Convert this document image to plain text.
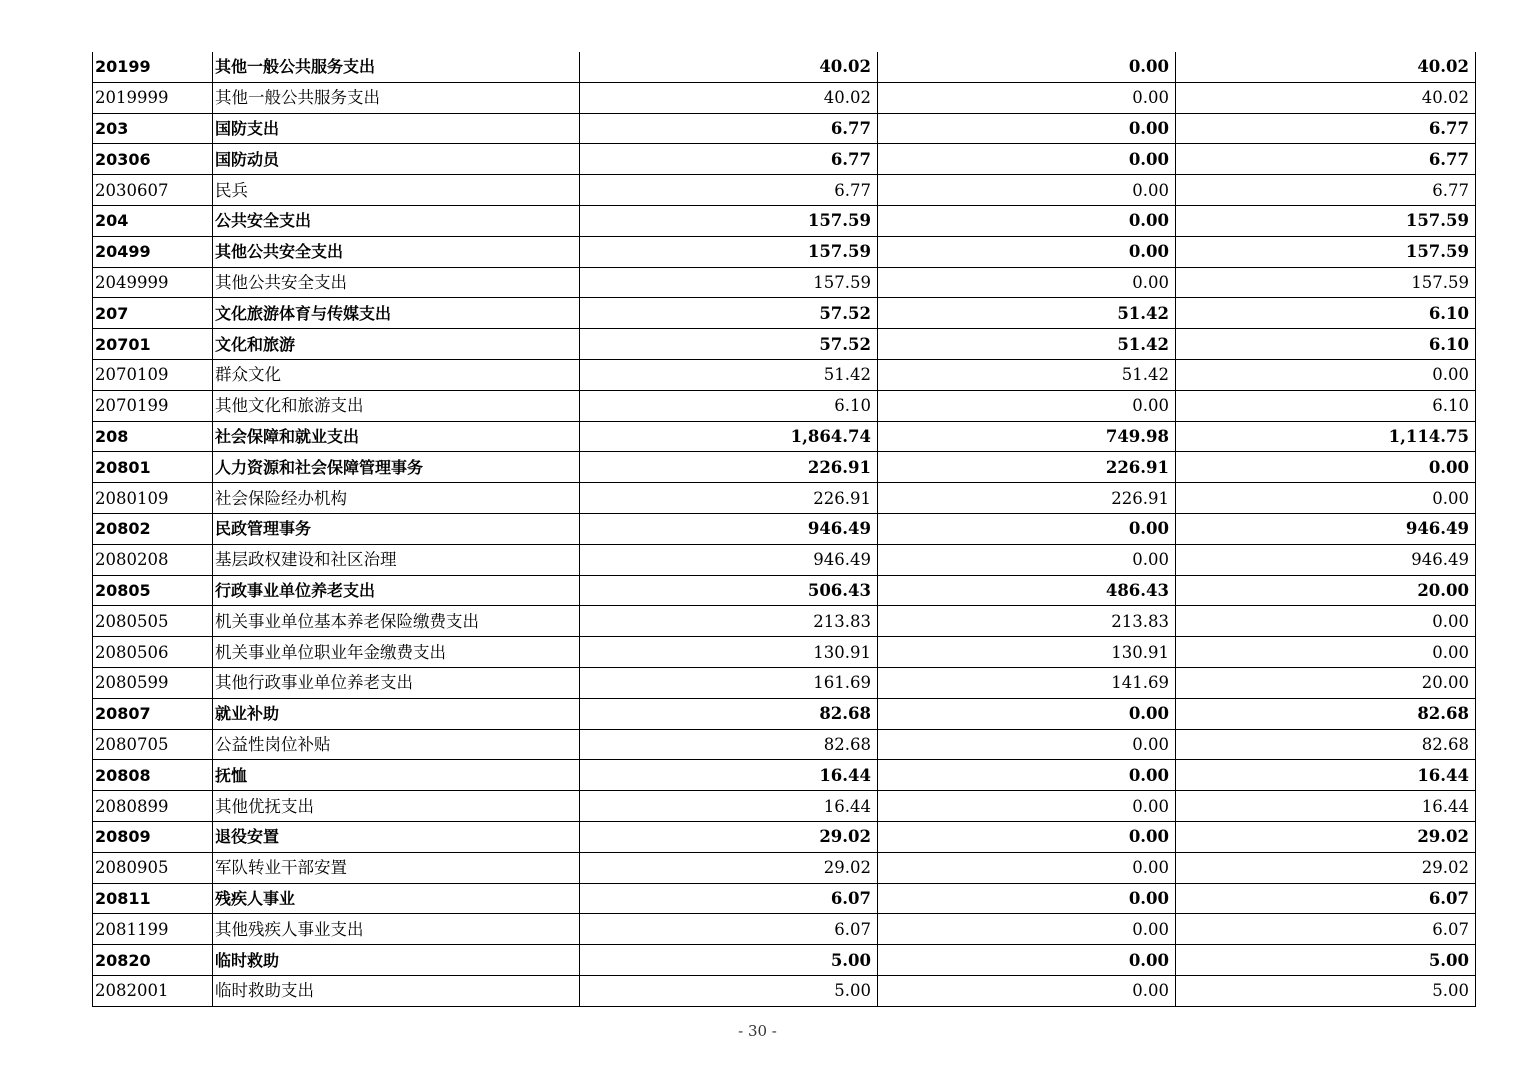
20199	其他一般公共服务支出	40.02	0.00	40.02
2019999	其他一般公共服务支出	40.02	0.00	40.02
203	国防支出	6.77	0.00	6.77
20306	国防动员	6.77	0.00	6.77
2030607	民兵	6.77	0.00	6.77
204	公共安全支出	157.59	0.00	157.59
20499	其他公共安全支出	157.59	0.00	157.59
2049999	其他公共安全支出	157.59	0.00	157.59
207	文化旅游体育与传媒支出	57.52	51.42	6.10
20701	文化和旅游	57.52	51.42	6.10
2070109	群众文化	51.42	51.42	0.00
2070199	其他文化和旅游支出	6.10	0.00	6.10
208	社会保障和就业支出	1,864.74	749.98	1,114.75
20801	人力资源和社会保障管理事务	226.91	226.91	0.00
2080109	社会保险经办机构	226.91	226.91	0.00
20802	民政管理事务	946.49	0.00	946.49
2080208	基层政权建设和社区治理	946.49	0.00	946.49
20805	行政事业单位养老支出	506.43	486.43	20.00
2080505	机关事业单位基本养老保险缴费支出	213.83	213.83	0.00
2080506	机关事业单位职业年金缴费支出	130.91	130.91	0.00
2080599	其他行政事业单位养老支出	161.69	141.69	20.00
20807	就业补助	82.68	0.00	82.68
2080705	公益性岗位补贴	82.68	0.00	82.68
20808	抚恤	16.44	0.00	16.44
2080899	其他优抚支出	16.44	0.00	16.44
20809	退役安置	29.02	0.00	29.02
2080905	军队转业干部安置	29.02	0.00	29.02
20811	残疾人事业	6.07	0.00	6.07
2081199	其他残疾人事业支出	6.07	0.00	6.07
20820	临时救助	5.00	0.00	5.00
2082001	临时救助支出	5.00	0.00	5.00
- 30 -
